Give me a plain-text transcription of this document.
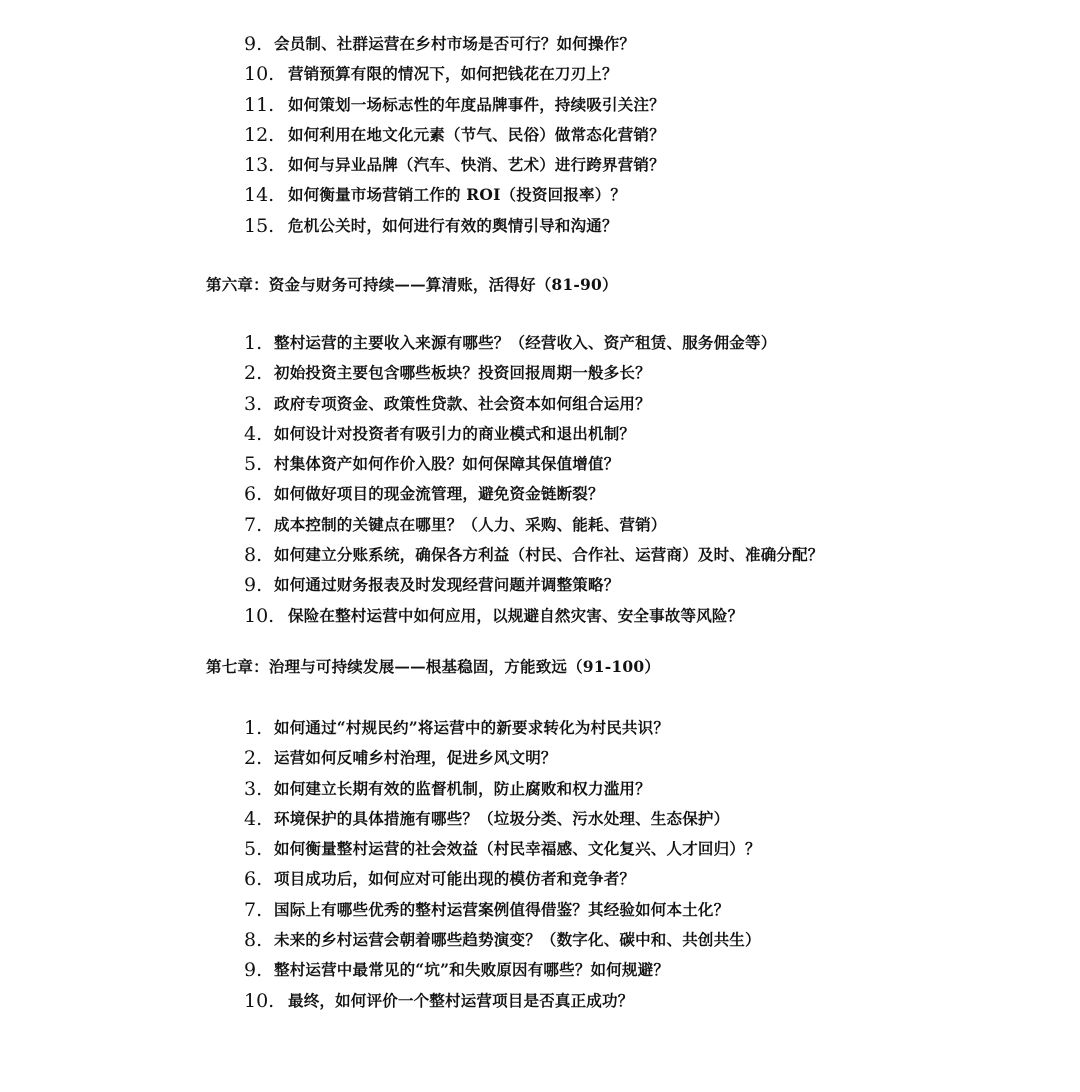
9. 会员制、社群运营在乡村市场是否可行？如何操作？
10. 营销预算有限的情况下，如何把钱花在刀刃上？
11. 如何策划一场标志性的年度品牌事件，持续吸引关注？
12. 如何利用在地文化元素（节气、民俗）做常态化营销？
13. 如何与异业品牌（汽车、快消、艺术）进行跨界营销？
14. 如何衡量市场营销工作的 ROI（投资回报率）？
15. 危机公关时，如何进行有效的舆情引导和沟通？
第六章：资金与财务可持续——算清账，活得好（81-90）
1. 整村运营的主要收入来源有哪些？（经营收入、资产租赁、服务佣金等）
2. 初始投资主要包含哪些板块？投资回报周期一般多长？
3. 政府专项资金、政策性贷款、社会资本如何组合运用？
4. 如何设计对投资者有吸引力的商业模式和退出机制？
5. 村集体资产如何作价入股？如何保障其保值增值？
6. 如何做好项目的现金流管理，避免资金链断裂？
7. 成本控制的关键点在哪里？（人力、采购、能耗、营销）
8. 如何建立分账系统，确保各方利益（村民、合作社、运营商）及时、准确分配？
9. 如何通过财务报表及时发现经营问题并调整策略？
10. 保险在整村运营中如何应用，以规避自然灾害、安全事故等风险？
第七章：治理与可持续发展——根基稳固，方能致远（91-100）
1. 如何通过“村规民约”将运营中的新要求转化为村民共识？
2. 运营如何反哺乡村治理，促进乡风文明？
3. 如何建立长期有效的监督机制，防止腐败和权力滥用？
4. 环境保护的具体措施有哪些？（垃圾分类、污水处理、生态保护）
5. 如何衡量整村运营的社会效益（村民幸福感、文化复兴、人才回归）？
6. 项目成功后，如何应对可能出现的模仿者和竞争者？
7. 国际上有哪些优秀的整村运营案例值得借鉴？其经验如何本土化？
8. 未来的乡村运营会朝着哪些趋势演变？（数字化、碳中和、共创共生）
9. 整村运营中最常见的“坑”和失败原因有哪些？如何规避？
10. 最终，如何评价一个整村运营项目是否真正成功？
